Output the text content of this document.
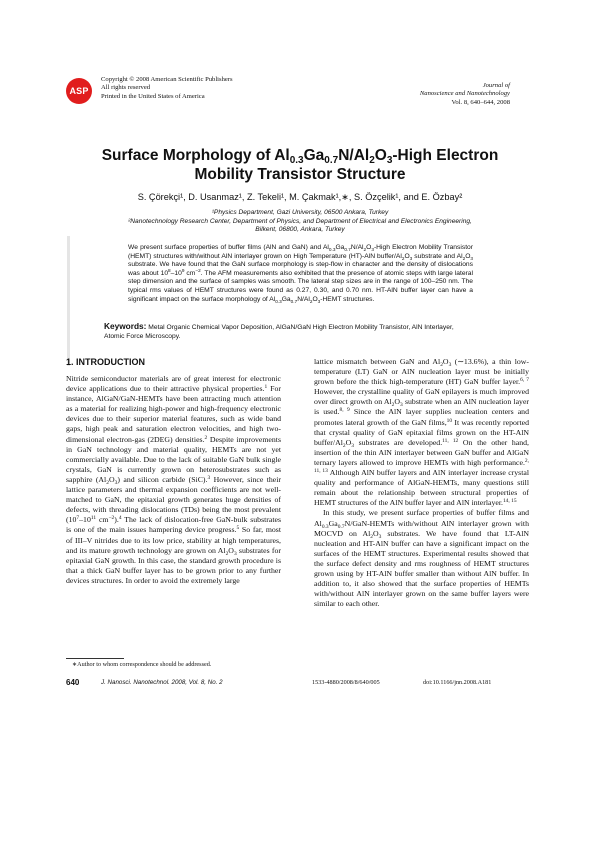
ASP
Copyright © 2008 American Scientific Publishers
All rights reserved
Printed in the United States of America
Journal of
Nanoscience and Nanotechnology
Vol. 8, 640–644, 2008
Surface Morphology of $Al_{0.3}Ga_{0.7}N/Al_2O_3$-High Electron
Mobility Transistor Structure
S. Çörekçi¹, D. Usanmaz¹, Z. Tekeli¹, M. Çakmak¹,∗, S. Özçelik¹, and E. Özbay²
¹Physics Department, Gazi University, 06500 Ankara, Turkey
²Nanotechnology Research Center, Department of Physics, and Department of Electrical and Electronics Engineering,
Bilkent, 06800, Ankara, Turkey
We present surface properties of buffer films (AlN and GaN) and $Al_{0.3}Ga_{0.7}N/Al_2O_3$-High Electron Mobility Transistor (HEMT) structures with/without AlN interlayer grown on High Temperature (HT)-AlN buffer/$Al_2O_3$ substrate and $Al_2O_3$ substrate. We have found that the GaN surface morphology is step-flow in character and the density of dislocations was about $10^8-10^9$ $cm^{-2}$. The AFM measurements also exhibited that the presence of atomic steps with large lateral step dimension and the surface of samples was smooth. The lateral step sizes are in the range of 100–250 nm. The typical rms values of HEMT structures were found as 0.27, 0.30, and 0.70 nm. HT-AlN buffer layer can have a significant impact on the surface morphology of $Al_{0.3}Ga_{0.7}N/Al_2O_3$-HEMT structures.
Keywords: Metal Organic Chemical Vapor Deposition, AlGaN/GaN High Electron Mobility Transistor, AlN Interlayer, Atomic Force Microscopy.
1. INTRODUCTION

Nitride semiconductor materials are of great interest for electronic device applications due to their attractive physical properties.$^1$ For instance, AlGaN/GaN-HEMTs have been attracting much attention as a material for realizing high-power and high-frequency electronic devices due to their superior material features, such as wide band gaps, high peak and saturation electron velocities, and high two-dimensional electron-gas (2DEG) densities.$^2$ Despite improvements in GaN technology and material quality, HEMTs are not yet commercially available. Due to the lack of suitable GaN bulk single crystals, GaN is currently grown on heterosubstrates such as sapphire $(Al_2O_3)$ and silicon carbide (SiC).$^3$ However, since their lattice parameters and thermal expansion coefficients are not well-matched to GaN, the epitaxial growth generates huge densities of defects, with threading dislocations (TDs) being the most prevalent ($10^7-10^{11}$ $cm^{-2}).^4$ The lack of dislocation-free GaN-bulk substrates is one of the main issues hampering device progress.$^5$ So far, most of III–V nitrides due to its low price, stability at high temperatures, and its mature growth technology are grown on $Al_2O_3$ substrates for epitaxial GaN growth. In this case, the standard growth procedure is that a thick GaN buffer layer has to be grown prior to any further devices structures. In order to avoid the extremely large

lattice mismatch between GaN and $Al_2O_3$ (∼13.6%), a thin low-temperature (LT) GaN or AlN nucleation layer must be initially grown before the thick high-temperature (HT) GaN buffer layer.$^{6, 7}$ However, the crystalline quality of GaN epilayers is much improved over direct growth on $Al_2O_3$ substrate when an AlN nucleation layer is used.$^{8, 9}$ Since the AlN layer supplies nucleation centers and promotes lateral growth of the GaN films,$^{10}$ It was recently reported that crystal quality of GaN epitaxial films grown on the HT-AlN buffer/$Al_2O_3$ substrates are developed.$^{11, 12}$ On the other hand, insertion of the thin AlN interlayer between GaN buffer and AlGaN ternary layers allowed to improve HEMTs with high performance.$^{2, 11, 13}$ Although AlN buffer layers and AlN interlayer increase crystal quality and performance of AlGaN-HEMTs, many questions still remain about the relationship between structural properties of HEMT structures of the AlN buffer layer and AlN interlayer.$^{14, 15}$

In this study, we present surface properties of buffer films and $Al_{0.3}Ga_{0.7}N/GaN$-HEMTs with/without AlN interlayer grown with MOCVD on $Al_2O_3$ substrates. We have found that LT-AlN nucleation and HT-AlN buffer can have a significant impact on the surfaces of the HEMT structures. Experimental results showed that the surface defect density and rms roughness of HEMT structures grown using by HT-AlN buffer smaller than without AlN buffer. In addition to, it also showed that the surface properties of HEMTs with/without AlN interlayer grown on the same buffer layers were similar to each other.

∗Author to whom correspondence should be addressed.
640	J. Nanosci. Nanotechnol. 2008, Vol. 8, No. 2	1533-4880/2008/8/640/005	doi:10.1166/jnn.2008.A181
